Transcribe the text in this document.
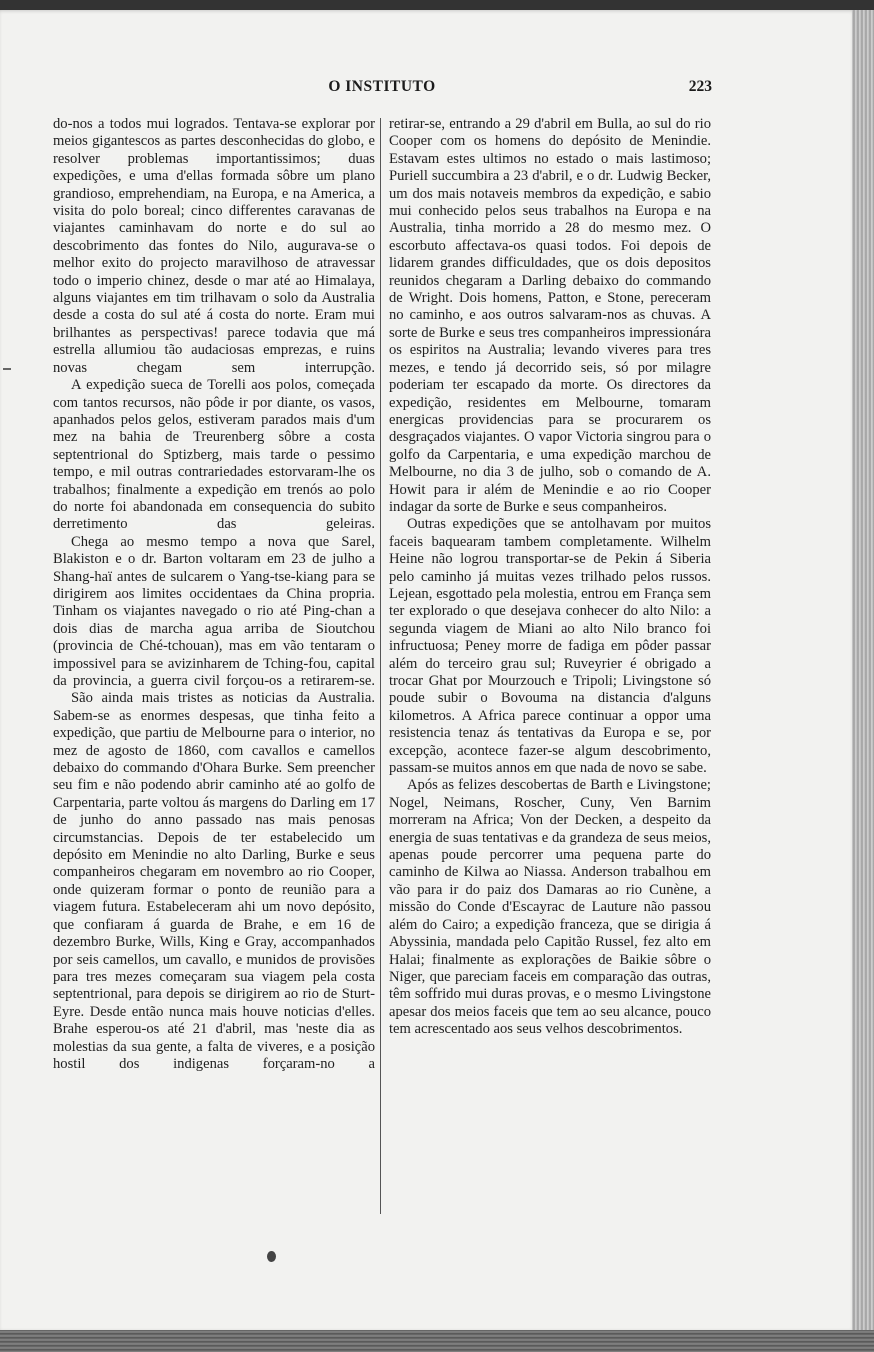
O INSTITUTO	223

do-nos a todos mui logrados. Tentava-se explorar por meios gigantescos as partes desconhecidas do globo, e resolver problemas importantissimos; duas expedições, e uma d'ellas formada sôbre um plano grandioso, emprehendiam, na Europa, e na America, a visita do polo boreal; cinco differentes caravanas de viajantes caminhavam do norte e do sul ao descobrimento das fontes do Nilo, augurava-se o melhor exito do projecto maravilhoso de atravessar todo o imperio chinez, desde o mar até ao Himalaya, alguns viajantes em tim trilhavam o solo da Australia desde a costa do sul até á costa do norte. Eram mui brilhantes as perspectivas! parece todavia que má estrella allumiou tão audaciosas emprezas, e ruins novas chegam sem interrupção.

A expedição sueca de Torelli aos polos, começada com tantos recursos, não pôde ir por diante, os vasos, apanhados pelos gelos, estiveram parados mais d'um mez na bahia de Treurenberg sôbre a costa septentrional do Sptizberg, mais tarde o pessimo tempo, e mil outras contrariedades estorvaram-lhe os trabalhos; finalmente a expedição em trenós ao polo do norte foi abandonada em consequencia do subito derretimento das geleiras.

Chega ao mesmo tempo a nova que Sarel, Blakiston e o dr. Barton voltaram em 23 de julho a Shang-haï antes de sulcarem o Yang-tse-kiang para se dirigirem aos limites occidentaes da China propria. Tinham os viajantes navegado o rio até Ping-chan a dois dias de marcha agua arriba de Sioutchou (provincia de Ché-tchouan), mas em vão tentaram o impossivel para se avizinharem de Tching-fou, capital da provincia, a guerra civil forçou-os a retirarem-se.

São ainda mais tristes as noticias da Australia. Sabem-se as enormes despesas, que tinha feito a expedição, que partiu de Melbourne para o interior, no mez de agosto de 1860, com cavallos e camellos debaixo do commando d'Ohara Burke. Sem preencher seu fim e não podendo abrir caminho até ao golfo de Carpentaria, parte voltou ás margens do Darling em 17 de junho do anno passado nas mais penosas circumstancias. Depois de ter estabelecido um depósito em Menindie no alto Darling, Burke e seus companheiros chegaram em novembro ao rio Cooper, onde quizeram formar o ponto de reunião para a viagem futura. Estabeleceram ahi um novo depósito, que confiaram á guarda de Brahe, e em 16 de dezembro Burke, Wills, King e Gray, accompanhados por seis camellos, um cavallo, e munidos de provisões para tres mezes começaram sua viagem pela costa septentrional, para depois se dirigirem ao rio de Sturt-Eyre. Desde então nunca mais houve noticias d'elles. Brahe esperou-os até 21 d'abril, mas 'neste dia as molestias da sua gente, a falta de viveres, e a posição hostil dos indigenas forçaram-no a

retirar-se, entrando a 29 d'abril em Bulla, ao sul do rio Cooper com os homens do depósito de Menindie. Estavam estes ultimos no estado o mais lastimoso; Puriell succumbira a 23 d'abril, e o dr. Ludwig Becker, um dos mais notaveis membros da expedição, e sabio mui conhecido pelos seus trabalhos na Europa e na Australia, tinha morrido a 28 do mesmo mez. O escorbuto affectava-os quasi todos. Foi depois de lidarem grandes difficuldades, que os dois depositos reunidos chegaram a Darling debaixo do commando de Wright. Dois homens, Patton, e Stone, pereceram no caminho, e aos outros salvaram-nos as chuvas. A sorte de Burke e seus tres companheiros impressionára os espiritos na Australia; levando viveres para tres mezes, e tendo já decorrido seis, só por milagre poderiam ter escapado da morte. Os directores da expedição, residentes em Melbourne, tomaram energicas providencias para se procurarem os desgraçados viajantes. O vapor Victoria singrou para o golfo da Carpentaria, e uma expedição marchou de Melbourne, no dia 3 de julho, sob o comando de A. Howit para ir além de Menindie e ao rio Cooper indagar da sorte de Burke e seus companheiros.

Outras expedições que se antolhavam por muitos faceis baquearam tambem completamente. Wilhelm Heine não logrou transportar-se de Pekin á Siberia pelo caminho já muitas vezes trilhado pelos russos. Lejean, esgottado pela molestia, entrou em França sem ter explorado o que desejava conhecer do alto Nilo: a segunda viagem de Miani ao alto Nilo branco foi infructuosa; Peney morre de fadiga em pôder passar além do terceiro grau sul; Ruveyrier é obrigado a trocar Ghat por Mourzouch e Tripoli; Livingstone só poude subir o Bovouma na distancia d'alguns kilometros. A Africa parece continuar a oppor uma resistencia tenaz ás tentativas da Europa e se, por excepção, acontece fazer-se algum descobrimento, passam-se muitos annos em que nada de novo se sabe.

Após as felizes descobertas de Barth e Livingstone; Nogel, Neimans, Roscher, Cuny, Ven Barnim morreram na Africa; Von der Decken, a despeito da energia de suas tentativas e da grandeza de seus meios, apenas poude percorrer uma pequena parte do caminho de Kilwa ao Niassa. Anderson trabalhou em vão para ir do paiz dos Damaras ao rio Cunène, a missão do Conde d'Escayrac de Lauture não passou além do Cairo; a expedição franceza, que se dirigia á Abyssinia, mandada pelo Capitão Russel, fez alto em Halai; finalmente as explorações de Baikie sôbre o Niger, que pareciam faceis em comparação das outras, têm soffrido mui duras provas, e o mesmo Livingstone apesar dos meios faceis que tem ao seu alcance, pouco tem acrescentado aos seus velhos descobrimentos.
